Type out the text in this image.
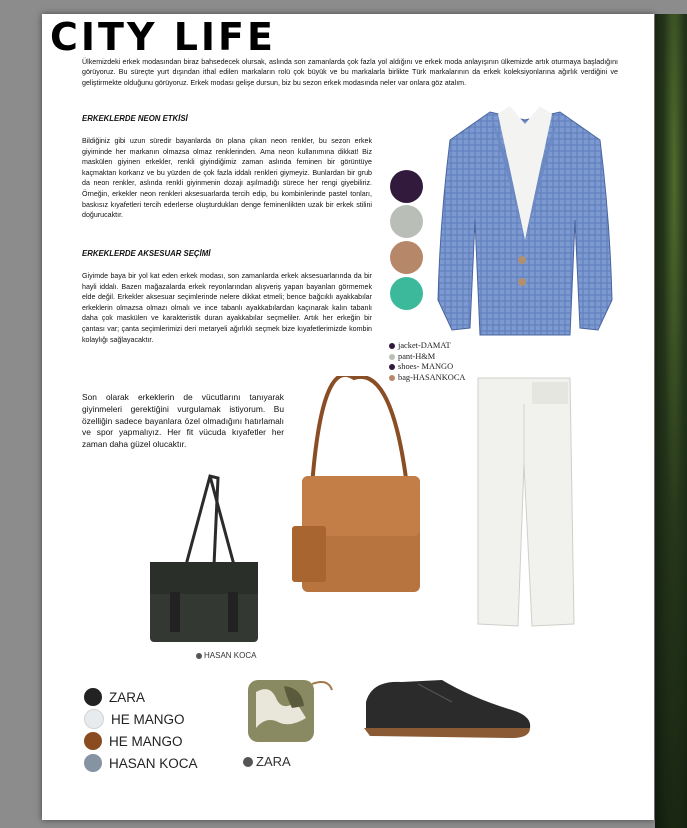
CITY LIFE
Ülkemizdeki erkek modasından biraz bahsedecek olursak, aslında son zamanlarda çok fazla yol aldığını ve erkek moda anlayışının ülkemizde artık oturmaya başladığını görüyoruz. Bu süreçte yurt dışından ithal edilen markaların rolü çok büyük ve bu markalarla birlikte Türk markalarının da erkek koleksiyonlarına ağırlık verdiğini ve geliştirmekte olduğunu görüyoruz. Erkek modası gelişe dursun, biz bu sezon erkek modasında neler var onlara göz atalım.
ERKEKLERDE NEON ETKİSİ
Bildiğiniz gibi uzun süredir bayanlarda ön plana çıkan neon renkler, bu sezon erkek giyiminde her markanın olmazsa olmaz renklerinden. Ama neon kullanımına dikkat! Biz maskülen giyinen erkekler, renkli giyindiğimiz zaman aslında feminen bir görüntüye kaçmaktan korkarız ve bu yüzden de çok fazla iddalı renkleri giymeyiz. Bunlardan bir grub da neon renkler, aslında renkli giyinmenin dozajı aşılmadığı sürece her rengi giyebiliriz. Örneğin, erkekler neon renkleri aksesuarlarda tercih edip, bu kombinlerinde pastel tonları, baskısız kıyafetleri tercih ederlerse oluşturdukları denge feminenlikten uzak bir erkek stilini doğurucaktır.
ERKEKLERDE AKSESUAR SEÇİMİ
Giyimde baya bir yol kat eden erkek modası, son zamanlarda erkek aksesuarlarında da bir hayli iddalı. Bazen mağazalarda erkek reyonlarından alışveriş yapan bayanları görmemek elde değil. Erkekler aksesuar seçimlerinde nelere dikkat etmeli; bence bağcıklı ayakkabılar erkeklerin olmazsa olmazı olmalı ve ince tabanlı ayakkabılardan kaçınarak kalın tabanlı daha çok maskülen ve karakteristik duran ayakkabılar seçmeliler. Artık her erkeğin bir çantası var; çanta seçimlerimizi deri metaryeli ağırlıklı seçmek bize kıyafetlerimizde kombin kolaylığı sağlayacaktır.
Son olarak erkeklerin de vücutlarını tanıyarak giyinmeleri gerektiğini vurgulamak istiyorum. Bu özelliğin sadece bayanlara özel olmadığını hatırlamalı ve spor yapmalıyız. Her fit vücuda kıyafetler her zaman daha güzel olucaktır.
jacket-DAMAT
pant-H&M
shoes- MANGO
bag-HASANKOCA
HASAN KOCA
ZARA
ZARA
HE MANGO
HE MANGO
HASAN KOCA
